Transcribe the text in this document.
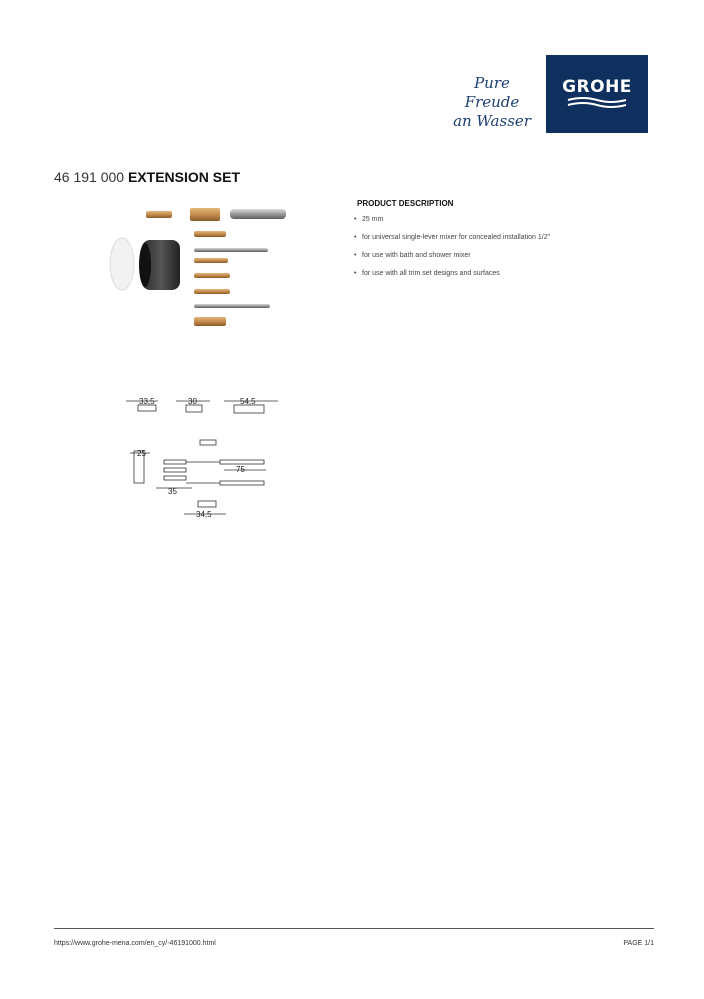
Pure Freude
an Wasser
GROHE
46 191 000 EXTENSION SET
33,5	30	54,5
25
75
35
34,5
PRODUCT DESCRIPTION
• 25 mm
• for universal single-lever mixer for concealed installation 1/2"
• for use with bath and shower mixer
• for use with all trim set designs and surfaces
https://www.grohe-mena.com/en_cy/-46191000.html	PAGE 1/1
